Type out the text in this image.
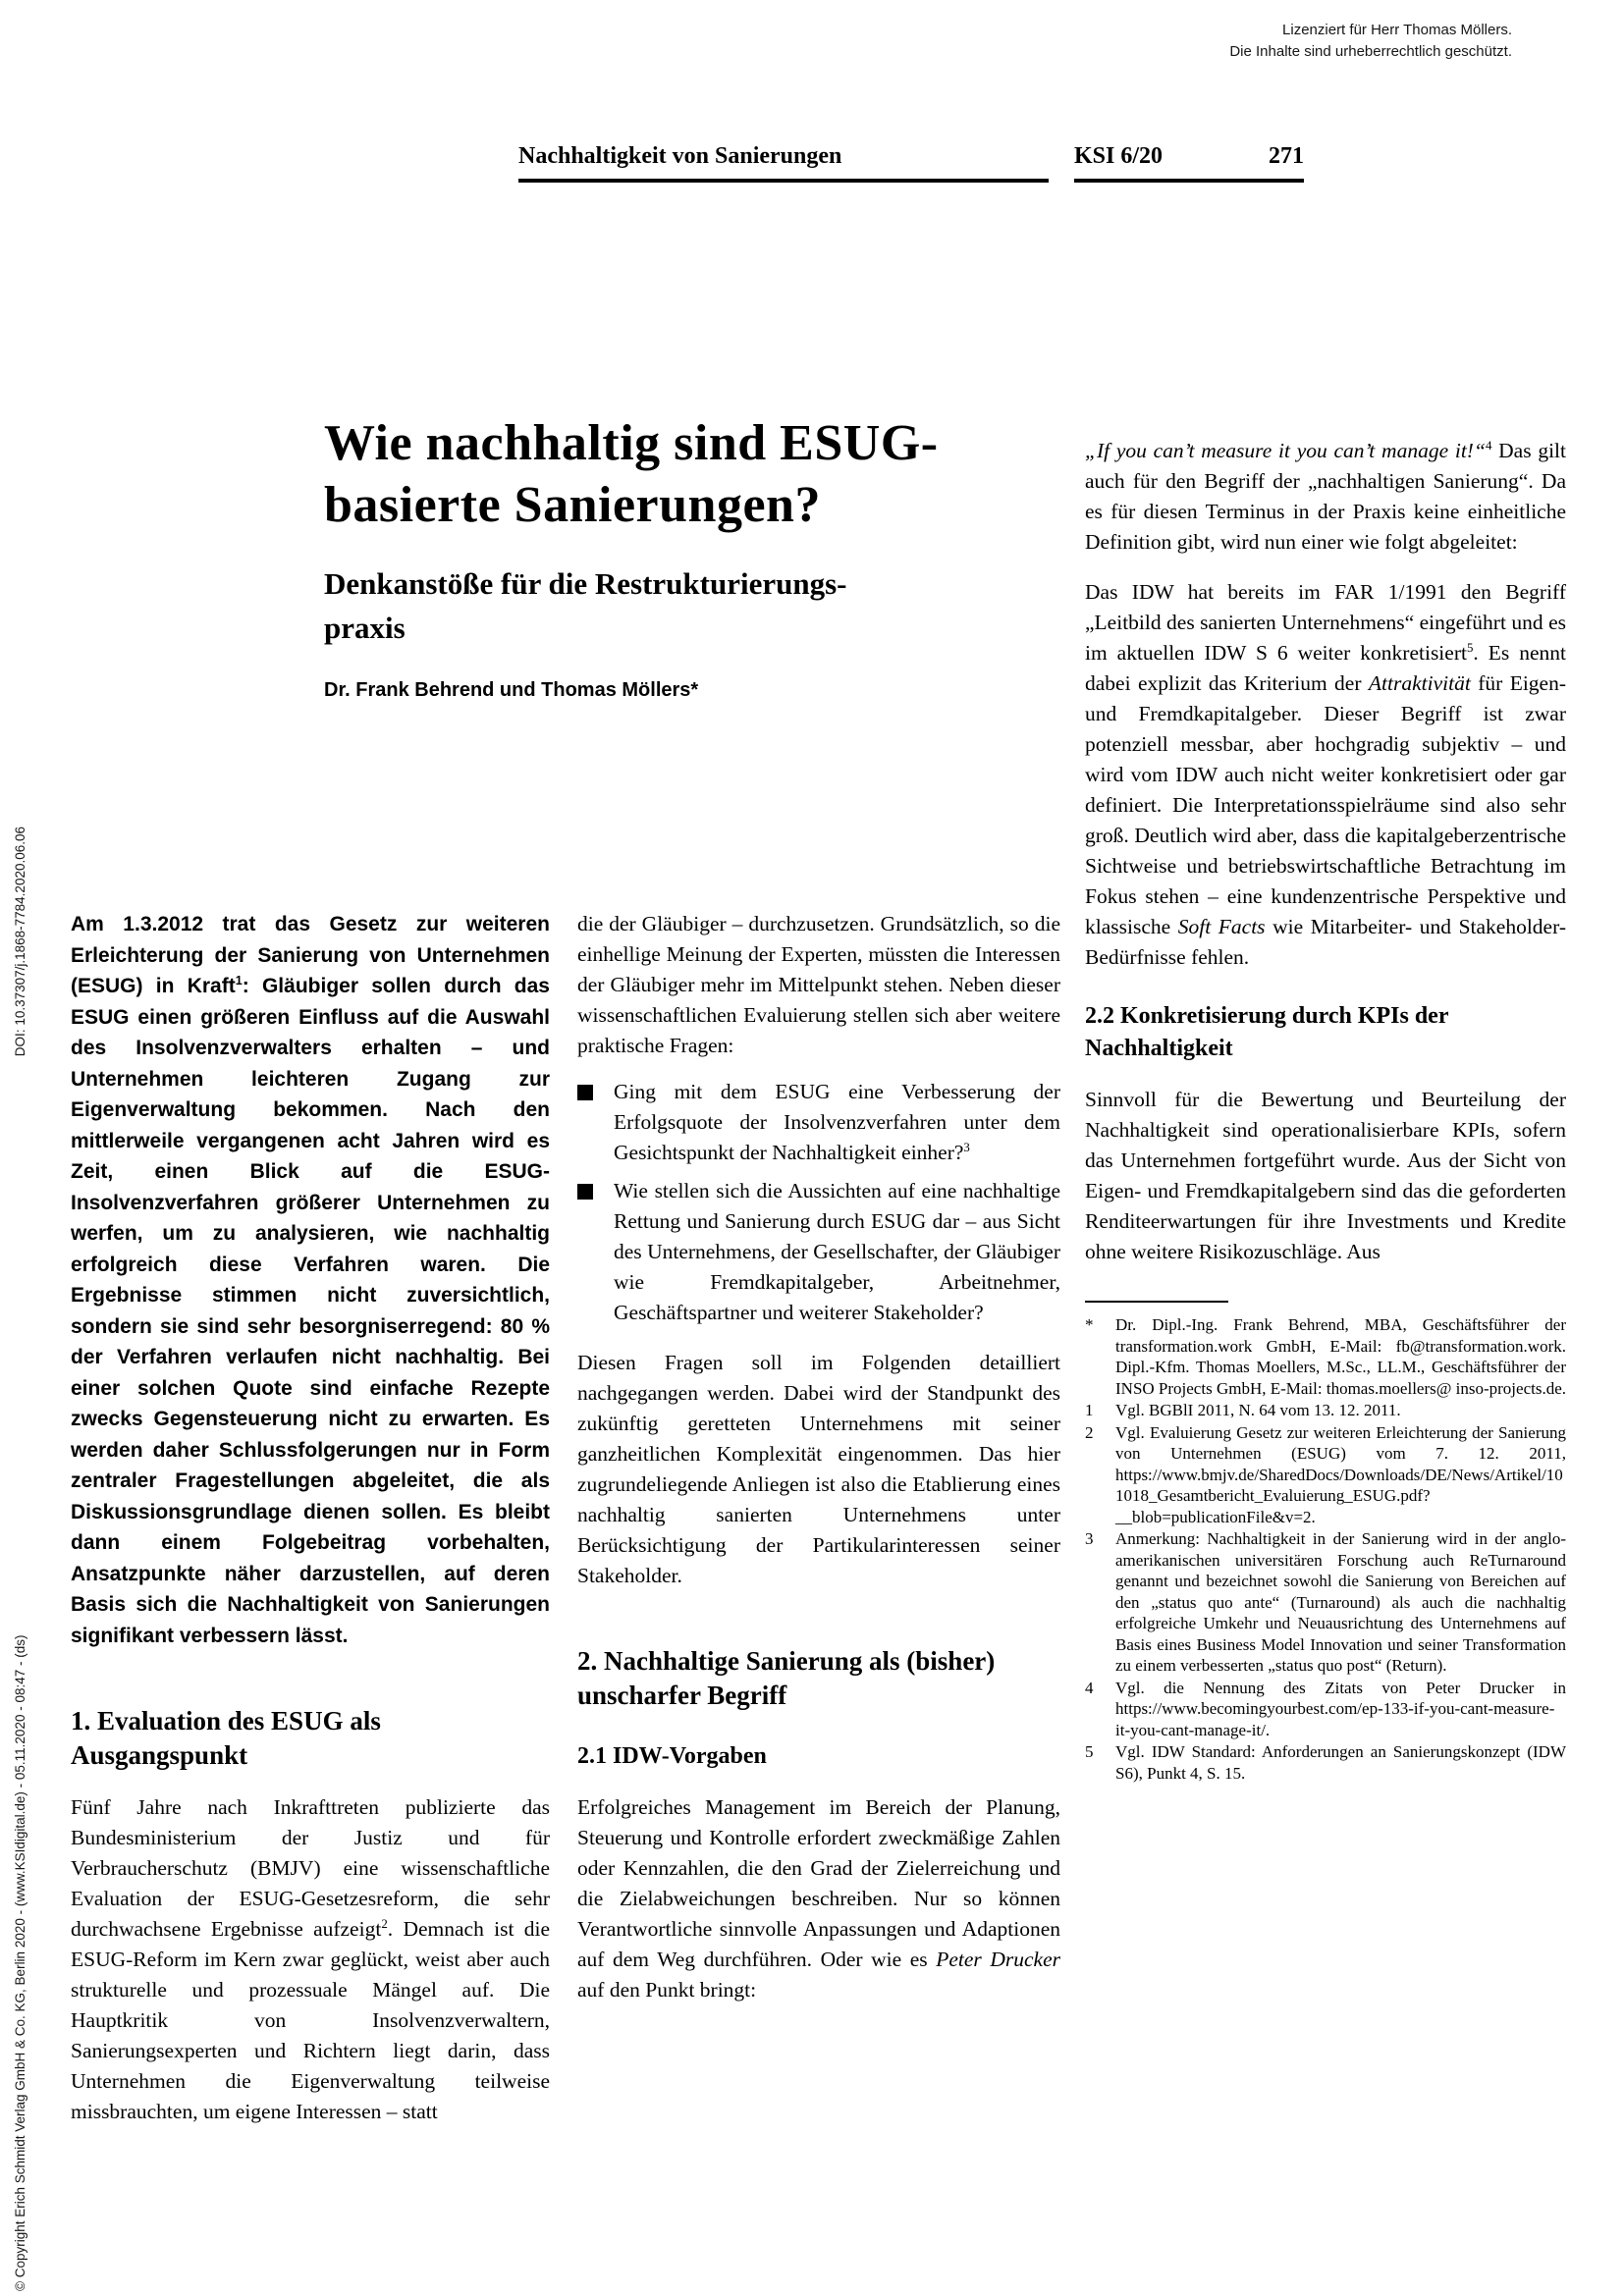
Lizenziert für Herr Thomas Möllers.
Die Inhalte sind urheberrechtlich geschützt.
Nachhaltigkeit von Sanierungen	KSI 6/20	271
Wie nachhaltig sind ESUG-
basierte Sanierungen?
Denkanstöße für die Restrukturierungs-
praxis
Dr. Frank Behrend und Thomas Möllers*

Am 1.3.2012 trat das Gesetz zur weiteren Erleichterung der Sanierung von Unternehmen (ESUG) in Kraft$^1$: Gläubiger sollen durch das ESUG einen größeren Einfluss auf die Auswahl des Insolvenzverwalters erhalten – und Unternehmen leichteren Zugang zur Eigenverwaltung bekommen. Nach den mittlerweile vergangenen acht Jahren wird es Zeit, einen Blick auf die ESUG-Insolvenzverfahren größerer Unternehmen zu werfen, um zu analysieren, wie nachhaltig erfolgreich diese Verfahren waren. Die Ergebnisse stimmen nicht zuversichtlich, sondern sie sind sehr besorgniserregend: 80 % der Verfahren verlaufen nicht nachhaltig. Bei einer solchen Quote sind einfache Rezepte zwecks Gegensteuerung nicht zu erwarten. Es werden daher Schlussfolgerungen nur in Form zentraler Fragestellungen abgeleitet, die als Diskussionsgrundlage dienen sollen. Es bleibt dann einem Folgebeitrag vorbehalten, Ansatzpunkte näher darzustellen, auf deren Basis sich die Nachhaltigkeit von Sanierungen signifikant verbessern lässt.

1. Evaluation des ESUG als Ausgangspunkt

Fünf Jahre nach Inkrafttreten publizierte das Bundesministerium der Justiz und für Verbraucherschutz (BMJV) eine wissenschaftliche Evaluation der ESUG-Gesetzesreform, die sehr durchwachsene Ergebnisse aufzeigt$^2$. Demnach ist die ESUG-Reform im Kern zwar geglückt, weist aber auch strukturelle und prozessuale Mängel auf. Die Hauptkritik von Insolvenzverwaltern, Sanierungsexperten und Richtern liegt darin, dass Unternehmen die Eigenverwaltung teilweise missbrauchten, um eigene Interessen – statt

die der Gläubiger – durchzusetzen. Grundsätzlich, so die einhellige Meinung der Experten, müssten die Interessen der Gläubiger mehr im Mittelpunkt stehen. Neben dieser wissenschaftlichen Evaluierung stellen sich aber weitere praktische Fragen:

Ging mit dem ESUG eine Verbesserung der Erfolgsquote der Insolvenzverfahren unter dem Gesichtspunkt der Nachhaltigkeit einher?$^3$
Wie stellen sich die Aussichten auf eine nachhaltige Rettung und Sanierung durch ESUG dar – aus Sicht des Unternehmens, der Gesellschafter, der Gläubiger wie Fremdkapitalgeber, Arbeitnehmer, Geschäftspartner und weiterer Stakeholder?

Diesen Fragen soll im Folgenden detailliert nachgegangen werden. Dabei wird der Standpunkt des zukünftig geretteten Unternehmens mit seiner ganzheitlichen Komplexität eingenommen. Das hier zugrundeliegende Anliegen ist also die Etablierung eines nachhaltig sanierten Unternehmens unter Berücksichtigung der Partikularinteressen seiner Stakeholder.

2. Nachhaltige Sanierung als (bisher) unscharfer Begriff
2.1 IDW-Vorgaben

Erfolgreiches Management im Bereich der Planung, Steuerung und Kontrolle erfordert zweckmäßige Zahlen oder Kennzahlen, die den Grad der Zielerreichung und die Zielabweichungen beschreiben. Nur so können Verantwortliche sinnvolle Anpassungen und Adaptionen auf dem Weg durchführen. Oder wie es Peter Drucker auf den Punkt bringt:

„If you can’t measure it you can’t manage it!“$^4$ Das gilt auch für den Begriff der „nachhaltigen Sanierung“. Da es für diesen Terminus in der Praxis keine einheitliche Definition gibt, wird nun einer wie folgt abgeleitet:

Das IDW hat bereits im FAR 1/1991 den Begriff „Leitbild des sanierten Unternehmens“ eingeführt und es im aktuellen IDW S 6 weiter konkretisiert$^5$. Es nennt dabei explizit das Kriterium der Attraktivität für Eigen- und Fremdkapitalgeber. Dieser Begriff ist zwar potenziell messbar, aber hochgradig subjektiv – und wird vom IDW auch nicht weiter konkretisiert oder gar definiert. Die Interpretationsspielräume sind also sehr groß. Deutlich wird aber, dass die kapitalgeberzentrische Sichtweise und betriebswirtschaftliche Betrachtung im Fokus stehen – eine kundenzentrische Perspektive und klassische Soft Facts wie Mitarbeiter- und Stakeholder-Bedürfnisse fehlen.

2.2 Konkretisierung durch KPIs der Nachhaltigkeit

Sinnvoll für die Bewertung und Beurteilung der Nachhaltigkeit sind operationalisierbare KPIs, sofern das Unternehmen fortgeführt wurde. Aus der Sicht von Eigen- und Fremdkapitalgebern sind das die geforderten Renditeerwartungen für ihre Investments und Kredite ohne weitere Risikozuschläge. Aus

*	Dr. Dipl.-Ing. Frank Behrend, MBA, Geschäftsführer der transformation.work GmbH, E-Mail: fb@transformation.work. Dipl.-Kfm. Thomas Moellers, M.Sc., LL.M., Geschäftsführer der INSO Projects GmbH, E-Mail: thomas.moellers@ inso-projects.de.
1	Vgl. BGBlI 2011, N. 64 vom 13. 12. 2011.
2	Vgl. Evaluierung Gesetz zur weiteren Erleichterung der Sanierung von Unternehmen (ESUG) vom 7. 12. 2011, https://www.bmjv.de/SharedDocs/Downloads/DE/News/Artikel/101018_Gesamtbericht_Evaluierung_ESUG.pdf?__blob=publicationFile&v=2.
3	Anmerkung: Nachhaltigkeit in der Sanierung wird in der anglo-amerikanischen universitären Forschung auch ReTurnaround genannt und bezeichnet sowohl die Sanierung von Bereichen auf den „status quo ante“ (Turnaround) als auch die nachhaltig erfolgreiche Umkehr und Neuausrichtung des Unternehmens auf Basis eines Business Model Innovation und seiner Transformation zu einem verbesserten „status quo post“ (Return).
4	Vgl. die Nennung des Zitats von Peter Drucker in https://www.becomingyourbest.com/ep-133-if-you-cant-measure-it-you-cant-manage-it/.
5	Vgl. IDW Standard: Anforderungen an Sanierungskonzept (IDW S6), Punkt 4, S. 15.
© Copyright Erich Schmidt Verlag GmbH & Co. KG, Berlin 2020 - (www.KSIdigital.de) - 05.11.2020 - 08:47 - (ds)
DOI: 10.37307/j.1868-7784.2020.06.06
